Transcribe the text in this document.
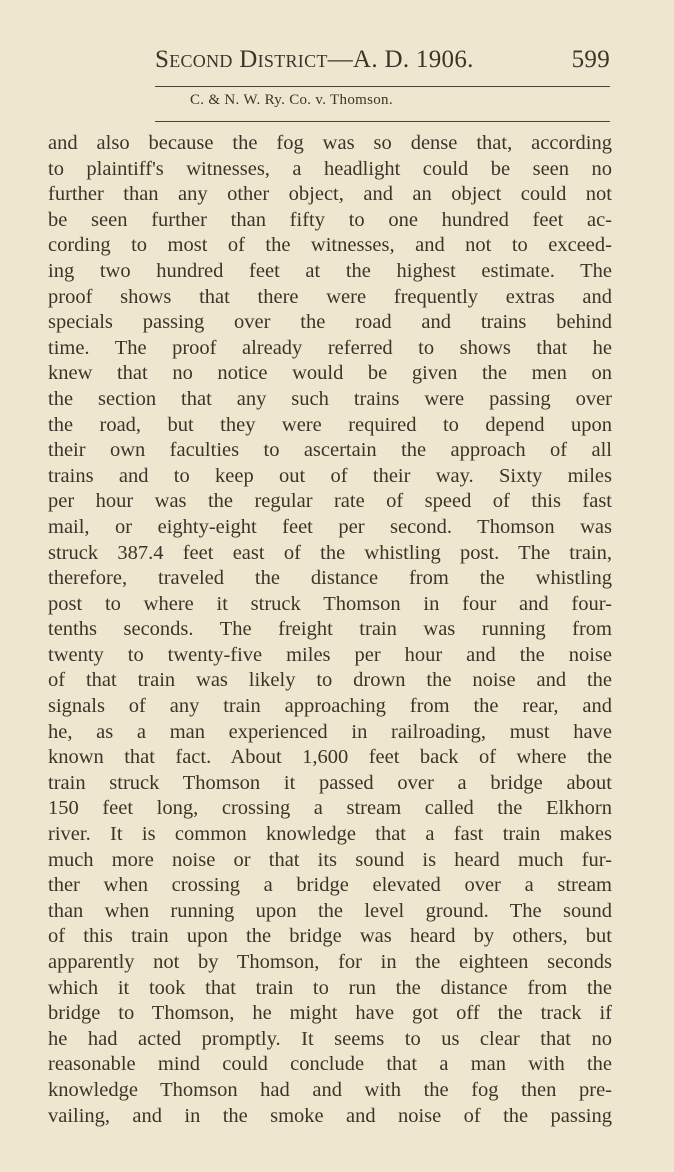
Second District—A. D. 1906.	599
C. & N. W. Ry. Co. v. Thomson.
and also because the fog was so dense that, according
to plaintiff's witnesses, a headlight could be seen no
further than any other object, and an object could not
be seen further than fifty to one hundred feet ac-
cording to most of the witnesses, and not to exceed-
ing two hundred feet at the highest estimate. The
proof shows that there were frequently extras and
specials passing over the road and trains behind
time. The proof already referred to shows that he
knew that no notice would be given the men on
the section that any such trains were passing over
the road, but they were required to depend upon
their own faculties to ascertain the approach of all
trains and to keep out of their way. Sixty miles
per hour was the regular rate of speed of this fast
mail, or eighty-eight feet per second. Thomson was
struck 387.4 feet east of the whistling post. The train,
therefore, traveled the distance from the whistling
post to where it struck Thomson in four and four-
tenths seconds. The freight train was running from
twenty to twenty-five miles per hour and the noise
of that train was likely to drown the noise and the
signals of any train approaching from the rear, and
he, as a man experienced in railroading, must have
known that fact. About 1,600 feet back of where the
train struck Thomson it passed over a bridge about
150 feet long, crossing a stream called the Elkhorn
river. It is common knowledge that a fast train makes
much more noise or that its sound is heard much fur-
ther when crossing a bridge elevated over a stream
than when running upon the level ground. The sound
of this train upon the bridge was heard by others, but
apparently not by Thomson, for in the eighteen seconds
which it took that train to run the distance from the
bridge to Thomson, he might have got off the track if
he had acted promptly. It seems to us clear that no
reasonable mind could conclude that a man with the
knowledge Thomson had and with the fog then pre-
vailing, and in the smoke and noise of the passing
